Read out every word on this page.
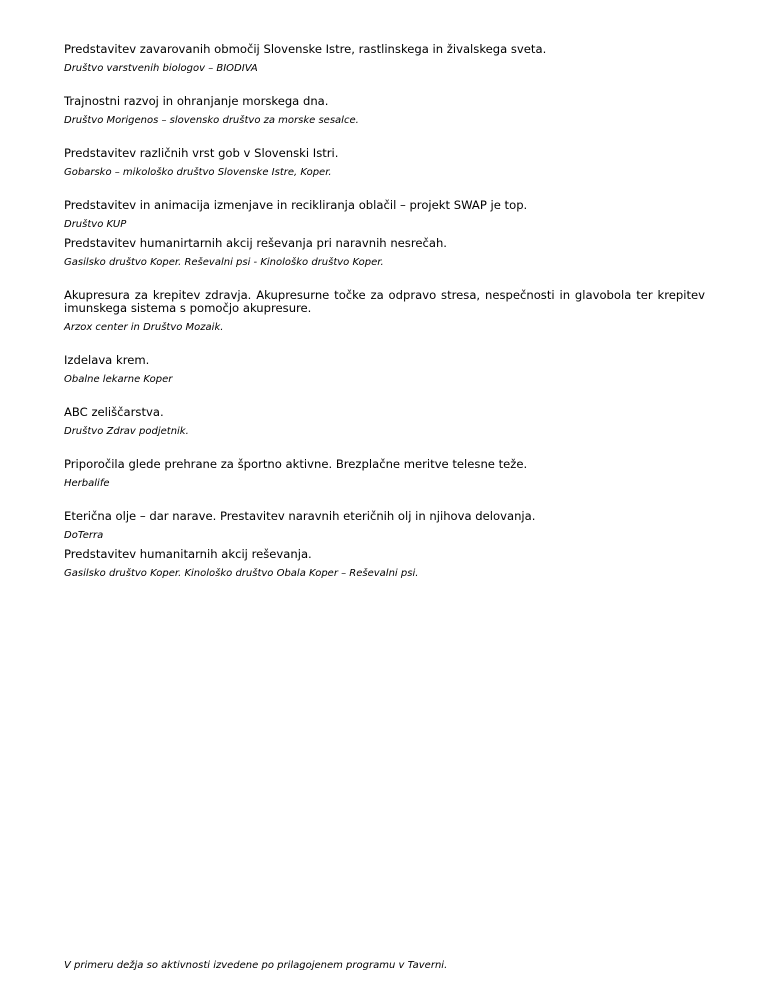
Predstavitev zavarovanih območij Slovenske Istre, rastlinskega in živalskega sveta.

Društvo varstvenih biologov – BIODIVA

Trajnostni razvoj in ohranjanje morskega dna.

Društvo Morigenos – slovensko društvo za morske sesalce.

Predstavitev različnih vrst gob v Slovenski Istri.

Gobarsko – mikološko društvo Slovenske Istre, Koper.

Predstavitev in animacija izmenjave in recikliranja oblačil – projekt SWAP je top.

Društvo KUP

Predstavitev humanirtarnih akcij reševanja pri naravnih nesrečah.

Gasilsko društvo Koper. Reševalni psi - Kinološko društvo Koper.

Akupresura za krepitev zdravja. Akupresurne točke za odpravo stresa, nespečnosti in glavobola ter krepitev imunskega sistema s pomočjo akupresure.

Arzox center in Društvo Mozaik.

Izdelava krem.

Obalne lekarne Koper

ABC zeliščarstva.

Društvo Zdrav podjetnik.

Priporočila glede prehrane za športno aktivne. Brezplačne meritve telesne teže.

Herbalife

Eterična olje – dar narave. Prestavitev naravnih eteričnih olj in njihova delovanja.

DoTerra

Predstavitev humanitarnih akcij reševanja.

Gasilsko društvo Koper. Kinološko društvo Obala Koper – Reševalni psi.

V primeru dežja so aktivnosti izvedene po prilagojenem programu v Taverni.
